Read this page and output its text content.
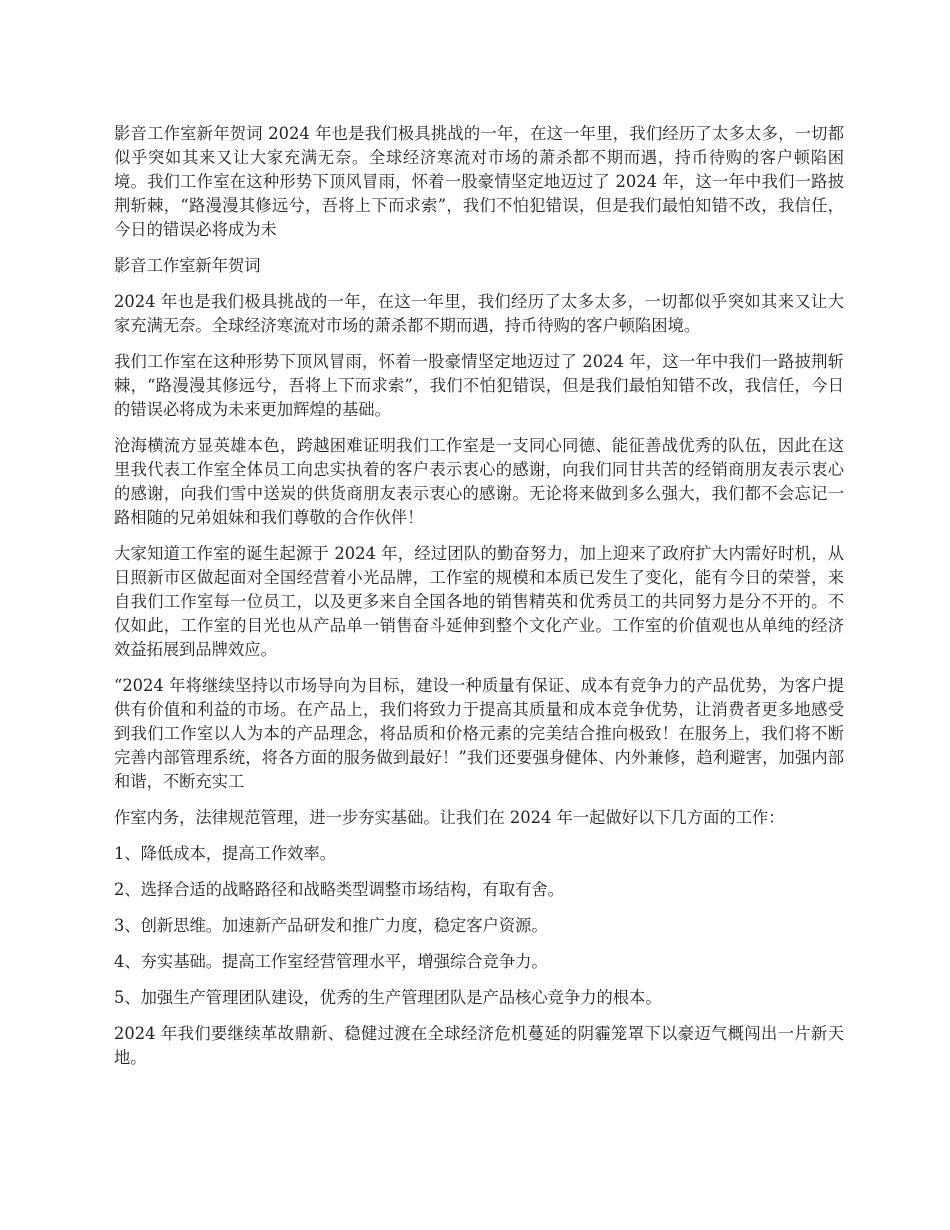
影音工作室新年贺词 2024 年也是我们极具挑战的一年，在这一年里，我们经历了太多太多，一切都似乎突如其来又让大家充满无奈。全球经济寒流对市场的萧杀都不期而遇，持币待购的客户顿陷困境。我们工作室在这种形势下顶风冒雨，怀着一股豪情坚定地迈过了 2024 年，这一年中我们一路披荆斩棘，“路漫漫其修远兮，吾将上下而求索”，我们不怕犯错误，但是我们最怕知错不改，我信任，今日的错误必将成为未

影音工作室新年贺词

2024 年也是我们极具挑战的一年，在这一年里，我们经历了太多太多，一切都似乎突如其来又让大家充满无奈。全球经济寒流对市场的萧杀都不期而遇，持币待购的客户顿陷困境。

我们工作室在这种形势下顶风冒雨，怀着一股豪情坚定地迈过了 2024 年，这一年中我们一路披荆斩棘，“路漫漫其修远兮，吾将上下而求索”，我们不怕犯错误，但是我们最怕知错不改，我信任，今日的错误必将成为未来更加辉煌的基础。

沧海横流方显英雄本色，跨越困难证明我们工作室是一支同心同德、能征善战优秀的队伍，因此在这里我代表工作室全体员工向忠实执着的客户表示衷心的感谢，向我们同甘共苦的经销商朋友表示衷心的感谢，向我们雪中送炭的供货商朋友表示衷心的感谢。无论将来做到多么强大，我们都不会忘记一路相随的兄弟姐妹和我们尊敬的合作伙伴！

大家知道工作室的诞生起源于 2024 年，经过团队的勤奋努力，加上迎来了政府扩大内需好时机，从日照新市区做起面对全国经营着小光品牌，工作室的规模和本质已发生了变化，能有今日的荣誉，来自我们工作室每一位员工，以及更多来自全国各地的销售精英和优秀员工的共同努力是分不开的。不仅如此，工作室的目光也从产品单一销售奋斗延伸到整个文化产业。工作室的价值观也从单纯的经济效益拓展到品牌效应。

“2024 年将继续坚持以市场导向为目标，建设一种质量有保证、成本有竞争力的产品优势，为客户提供有价值和利益的市场。在产品上，我们将致力于提高其质量和成本竞争优势，让消费者更多地感受到我们工作室以人为本的产品理念，将品质和价格元素的完美结合推向极致！在服务上，我们将不断完善内部管理系统，将各方面的服务做到最好！”我们还要强身健体、内外兼修，趋利避害，加强内部和谐，不断充实工

作室内务，法律规范管理，进一步夯实基础。让我们在 2024 年一起做好以下几方面的工作：

1、降低成本，提高工作效率。

2、选择合适的战略路径和战略类型调整市场结构，有取有舍。

3、创新思维。加速新产品研发和推广力度，稳定客户资源。

4、夯实基础。提高工作室经营管理水平，增强综合竞争力。

5、加强生产管理团队建设，优秀的生产管理团队是产品核心竞争力的根本。

2024 年我们要继续革故鼎新、稳健过渡在全球经济危机蔓延的阴霾笼罩下以豪迈气概闯出一片新天地。
